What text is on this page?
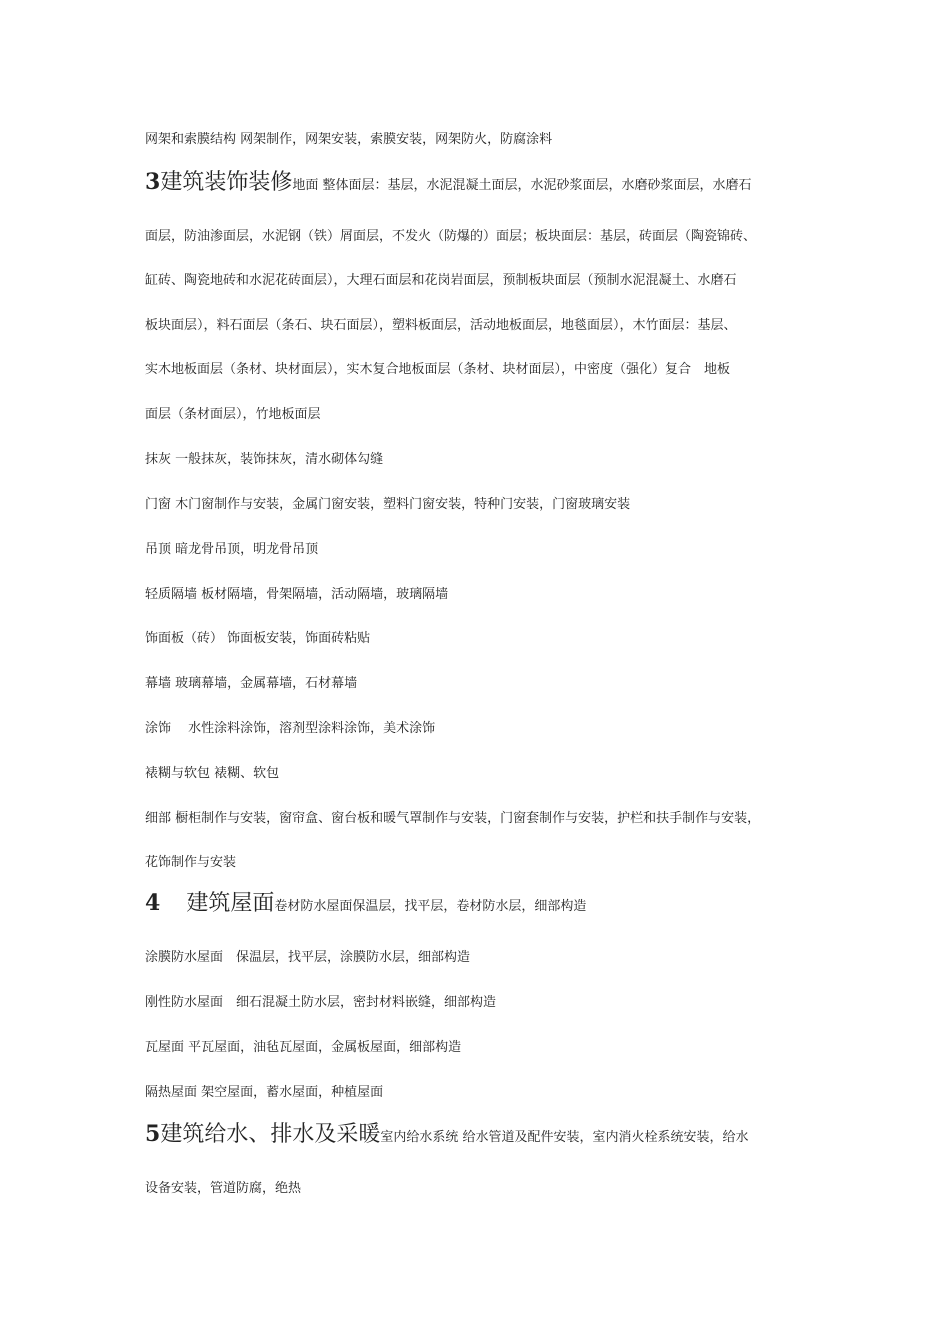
网架和索膜结构 网架制作，网架安装，索膜安装，网架防火，防腐涂料
3建筑装饰装修地面 整体面层：基层，水泥混凝土面层，水泥砂浆面层，水磨砂浆面层，水磨石
面层，防油渗面层，水泥钢（铁）屑面层，不发火（防爆的）面层；板块面层：基层，砖面层（陶瓷锦砖、
缸砖、陶瓷地砖和水泥花砖面层），大理石面层和花岗岩面层，预制板块面层（预制水泥混凝土、水磨石
板块面层），料石面层（条石、块石面层），塑料板面层，活动地板面层，地毯面层），木竹面层：基层、
实木地板面层（条材、块材面层），实木复合地板面层（条材、块材面层），中密度（强化）复合　地板
面层（条材面层），竹地板面层
抹灰 一般抹灰，装饰抹灰，清水砌体勾缝
门窗 木门窗制作与安装，金属门窗安装，塑料门窗安装，特种门安装，门窗玻璃安装
吊顶 暗龙骨吊顶，明龙骨吊顶
轻质隔墙 板材隔墙，骨架隔墙，活动隔墙，玻璃隔墙
饰面板（砖） 饰面板安装，饰面砖粘贴
幕墙 玻璃幕墙，金属幕墙，石材幕墙
涂饰　 水性涂料涂饰，溶剂型涂料涂饰，美术涂饰
裱糊与软包 裱糊、软包
细部 橱柜制作与安装，窗帘盒、窗台板和暖气罩制作与安装，门窗套制作与安装，护栏和扶手制作与安装，
花饰制作与安装
4 建筑屋面卷材防水屋面保温层，找平层，卷材防水层，细部构造
涂膜防水屋面　保温层，找平层，涂膜防水层，细部构造
刚性防水屋面　细石混凝土防水层，密封材料嵌缝，细部构造
瓦屋面 平瓦屋面，油毡瓦屋面，金属板屋面，细部构造
隔热屋面 架空屋面，蓄水屋面，种植屋面
5建筑给水、排水及采暖室内给水系统 给水管道及配件安装，室内消火栓系统安装，给水
设备安装，管道防腐，绝热
